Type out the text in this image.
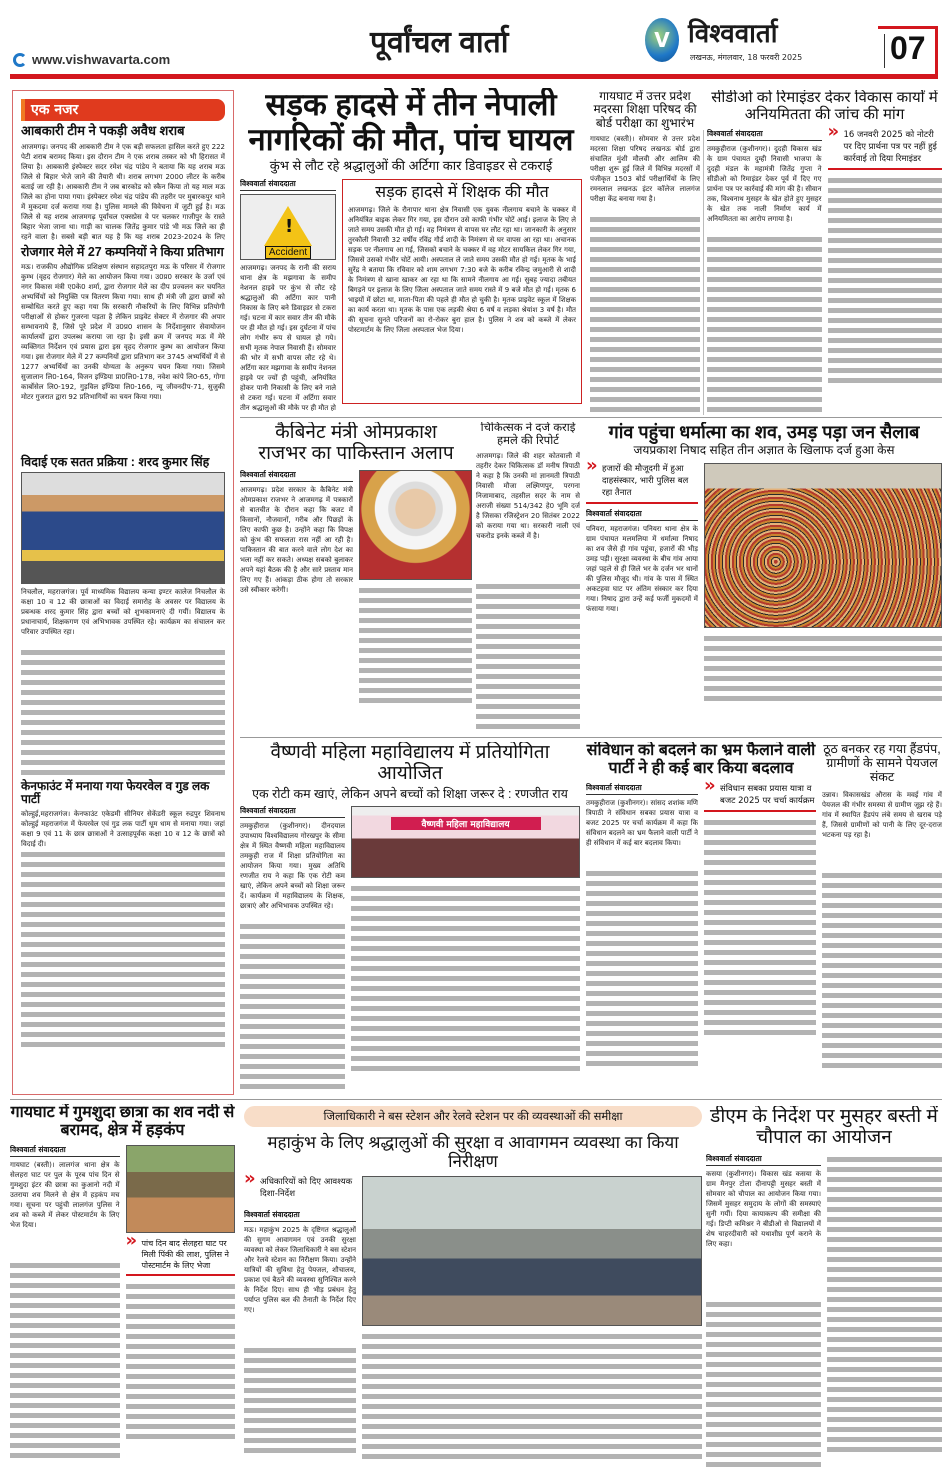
www.vishwavarta.com
पूर्वांचल वार्ता	V विश्ववार्ता
लखनऊ, मंगलवार, 18 फरवरी 2025	07
एक नजर
आबकारी टीम ने पकड़ी अवैध शराब
आजमगढ़। जनपद की आबकारी टीम ने एक बड़ी सफलता हासिल करते हुए 222 पेटी शराब बरामद किया। इस दौरान टीम ने एक शराब तस्कर को भी हिरासत में लिया है। आबकारी इंस्पेक्टर सदर रमेश चंद्र पांडेय ने बताया कि यह शराब मऊ जिले से बिहार भेजे जाने की तैयारी थी। शराब लगभग 2000 लीटर के करीब बताई जा रही है। आबकारी टीम ने जब बारकोड को स्कैन किया तो यह माल मऊ जिले का होना पाया गया। इंस्पेक्टर रमेश चंद्र पांडेय की तहरीर पर मुबारकपुर थाने में मुकदमा दर्ज कराया गया है। पुलिस मामले की विवेचना में जुटी हुई है। मऊ जिले से यह शराब आजमगढ़ पूर्वांचल एक्सप्रेस वे पर चलकर गाजीपुर के रास्ते बिहार भेजा जाना था। गाड़ी का चालक जितेंद्र कुमार पांडे भी मऊ जिले का ही रहने वाला है। सबसे बड़ी बात यह है कि यह शराब 2023-2024 के लिए
रोजगार मेले में 27 कम्पनियों ने किया प्रतिभाग
मऊ। राजकीय औद्योगिक प्रशिक्षण संस्थान सहादतपुरा मऊ के परिसर में रोजगार कुम्भ (वृहद रोजगार) मेले का आयोजन किया गया। उ0प्र0 सरकार के उर्जा एवं नगर विकास मंत्री ए0के0 शर्मा, द्वारा रोजगार मेले का दीप प्रज्वलन कर चयनित अभ्यर्थियों को नियुक्ति पत्र वितरण किया गया। साथ ही मंत्री जी द्वारा छात्रों को सम्बोधित करते हुए कहा गया कि सरकारी नौकरियों के लिए विभिन्न प्रतियोगी परीक्षाओं से होकर गुजरना पड़ता है लेकिन प्राइवेट सेक्टर में रोजगार की अपार सम्भावनाये हैं, जिसे पूरे प्रदेश में उ0प्र0 शासन के निर्देशानुसार सेवायोजन कार्यालयों द्वारा उपलब्ध कराया जा रहा है। इसी क्रम में जनपद मऊ में मेरे व्यक्तिगत निर्देशन एवं प्रयास द्वारा इस वृहद रोजगार कुम्भ का आयोजन किया गया। इस रोजगार मेले में 27 कम्पनियों द्वारा प्रतिभाग कर 3745 अभ्यर्थियों में से 1277 अभ्यर्थियों का उनकी योग्यता के अनुरूप चयन किया गया। जिसमे सुजालान लि0-164, विजन इण्डिया प्रा0लि0-178, नवेश कांपे लि0-65, गोगा कार्बोसेल लि0-192, गुड़विल इण्डिया लि0-166, न्यू जीवनदीप-71, सुजुकी मोटर गुजरात द्वारा 92 प्रतिभागियों का चयन किया गया।
विदाई एक सतत प्रक्रिया : शरद कुमार सिंह
निचलौल, महराजगंज। पूर्व माध्यमिक विद्यालय कन्या इण्टर कालेज निचलौल के कक्षा 10 व 12 की छात्राओं का विदाई समारोह के अवसर पर विद्यालय के प्रबन्धक शरद कुमार सिंह द्वारा बच्चों को शुभकामनाएं दी गयीं। विद्यालय के प्रधानाचार्य, शिक्षकगण एवं अभिभावक उपस्थित रहे। कार्यक्रम का संचालन कर परिवार उपस्थित रहा।
केनफाउंट में मनाया गया फेयरवेल व गुड लक पार्टी
कोल्हुई,महराजगंज। केनफाउंट एकेडमी सीनियर सेकेंडरी स्कूल रुद्रपुर शिवनाथ कोल्हुई महराजगंज में फेयरवेल एवं गुड लक पार्टी धूम धाम से मनाया गया। जहां कक्षा 9 एवं 11 के छात्र छात्राओं ने उत्साहपूर्वक कक्षा 10 व 12 के छात्रों को विदाई दी।
सड़क हादसे में तीन नेपाली
नागरिकों की मौत, पांच घायल
कुंभ से लौट रहे श्रद्धालुओं की अर्टिगा कार डिवाइडर से टकराई
विश्ववार्ता संवाददाता
!
Accident
आजमगढ़। जनपद के रानी की सराय थाना क्षेत्र के मझगावा के समीप नेशनल हाइवे पर कुंभ से लौट रहे श्रद्धालुओं की अर्टिगा कार पानी निकास के लिए बने डिवाइडर से टकरा गई। घटना में कार सवार तीन की मौके पर ही मौत हो गई। इस दुर्घटना में पांच लोग गंभीर रूप से घायल हो गये। सभी मृतक नेपाल निवासी हैं। सोमवार की भोर में सभी वापस लौट रहे थे। अर्टिगा कार मझगावा के समीप नेशनल हाइवे पर ज्यों ही पहुंची, अनियंत्रित होकर पानी निकासी के लिए बने नाले से टकरा गई। घटना में अर्टिगा सवार तीन श्रद्धालुओं की मौके पर ही मौत हो
सड़क हादसे में शिक्षक की मौत
आजमगढ़। जिले के रौनापार थाना क्षेत्र निवासी एक युवक नीलगाय बचाने के चक्कर में अनियंत्रित बाइक लेकर गिर गया, इस दौरान उसे काफी गंभीर चोटें आई। इलाज के लिए ले जाते समय उसकी मौत हो गई। वह निमंत्रण से वापस घर लौट रहा था। जानकारी के अनुसार तुरकौली निवासी 32 वर्षीय रविंद्र गौर्ड शादी के निमंत्रण से घर वापस आ रहा था। अचानक सड़क पर नीलगाय आ गई, जिसको बचाने के चक्कर में वह मोटर सायकिल लेकर गिर गया, जिससे उसको गंभीर चोटें आयी। अस्पताल ले जाते समय उसकी मौत हो गई। मृतक के भाई सुरेंद्र ने बताया कि रविवार को शाम लगभग 7:30 बजे के करीब रविन्द्र जमुआरी से शादी के निमंत्रण से खाना खाकर आ रहा था कि सामने नीलगाय आ गई। सुबह ज्यादा तबीयत बिगड़ने पर इलाज के लिए जिला अस्पताल जाते समय रास्ते में 9 बजे मौत हो गई। मृतक 6 भाइयों में छोटा था, माता-पिता की पहले ही मौत हो चुकी है। मृतक प्राइवेट स्कूल में शिक्षक का कार्य करता था। मृतक के पास एक लड़की श्रेया 6 वर्ष व लड़का श्रेयांश 3 वर्ष है। मौत की सूचना सुनते परिजनों का रो-रोकर बुरा हाल है। पुलिस ने शव को कब्जे में लेकर पोस्टमार्टम के लिए जिला अस्पताल भेज दिया।
गायघाट में उत्तर प्रदेश मदरसा शिक्षा परिषद की बोर्ड परीक्षा का शुभारंभ
गायघाट (बस्ती)। सोमवार से उत्तर प्रदेश मदरसा शिक्षा परिषद लखनऊ बोर्ड द्वारा संचालित मुंशी मौलवी और आलिम की परीक्षा शुरू हुई जिले में विभिन्न मदरसों में पंजीकृत 1503 बोर्ड परीक्षार्थियों के लिए रमनलाल लखनऊ इंटर कॉलेज लालगंज परीक्षा केंद्र बनाया गया है।
सीडीओ को रिमाइंडर देकर विकास कार्यों में अनियमितता की जांच की मांग
विश्ववार्ता संवाददाता
तमकुहीराज (कुशीनगर)। दुदही विकास खंड के ग्राम पंचायत दुम्ही निवासी भाजपा के दुदही मंडल के महामंत्री जितेंद्र गुप्ता ने सीडीओ को रिमाइंडर देकर पूर्व में दिए गए प्रार्थना पत्र पर कार्रवाई की मांग की है। सीवान तक, विश्वनाथ मुसहर के खेत होते हुए मुसहर के खेत तक नाली निर्माण कार्य में अनियमितता का आरोप लगाया है।
» 16 जनवरी 2025 को नोटरी पर दिए प्रार्थना पत्र पर नहीं हुई कार्रवाई तो दिया रिमाइंडर
कैबिनेट मंत्री ओमप्रकाश
राजभर का पाकिस्तान अलाप
विश्ववार्ता संवाददाता
आजमगढ़। प्रदेश सरकार के कैबिनेट मंत्री ओमप्रकाश राजभर ने आजमगढ़ में पत्रकारों से बातचीत के दौरान कहा कि बजट में किसानों, नौजवानों, गरीब और पिछड़ों के लिए काफी कुछ है। उन्होंने कहा कि विपक्ष को कुंभ की सफलता रास नहीं आ रही है। पाकिस्तान की बात करने वाले लोग देश का भला नहीं कर सकते। अध्यक्ष सबको बुलाकर अपने यहां बैठक की है और सारे प्रस्ताव मान लिए गए हैं। आंकड़ा ठीक होगा तो सरकार उसे स्वीकार करेगी।
चिकित्सक ने दर्ज कराई हमले की रिपोर्ट
आजमगढ़। जिले की शहर कोतवाली में तहरीर देकर चिकित्सक डॉ मनीष त्रिपाठी ने कहा है कि उनकी मां ज्ञानमती त्रिपाठी निवासी मौजा लक्ष्मिणपुर, परगना निजामाबाद, तहसील सदर के नाम से अराजी संख्या 514/342 हे0 भूमि दर्ज है जिसका रजिस्ट्रेशन 20 सितंबर 2022 को कराया गया था। सरकारी नाली एवं चकरोड इनके कब्जे में है।
गांव पहुंचा धर्मात्मा का शव, उमड़ पड़ा जन सैलाब
जयप्रकाश निषाद सहित तीन अज्ञात के खिलाफ दर्ज हुआ केस
» हजारों की मौजूदगी में हुआ दाहसंस्कार, भारी पुलिस बल रहा तैनात
विश्ववार्ता संवाददाता
पनियरा, महराजगंज। पनियरा थाना क्षेत्र के ग्राम पंचायत मलमलिया में धर्मात्मा निषाद का शव जैसे ही गांव पहुंचा, हजारों की भीड़ उमड़ पड़ी। सुरक्षा व्यवस्था के बीच गांव आया जहां पहले से ही जिले भर के दर्जन भर थानों की पुलिस मौजूद थी। गांव के पास में स्थित अकटहवा घाट पर अंतिम संस्कार कर दिया गया। निषाद द्वारा उन्हें कई फर्जी मुकदमों में फंसाया गया।
वैष्णवी महिला महाविद्यालय में प्रतियोगिता आयोजित
एक रोटी कम खाएं, लेकिन अपने बच्चों को शिक्षा जरूर दे : रणजीत राय
विश्ववार्ता संवाददाता
तमकुहीराज (कुशीनगर)। दीनदयाल उपाध्याय विश्वविद्यालय गोरखपुर के सीमा क्षेत्र में स्थित वैष्णवी महिला महाविद्यालय तमकुही राज में शिक्षा प्रतियोगिता का आयोजन किया गया। मुख्य अतिथि रणजीत राय ने कहा कि एक रोटी कम खाएं, लेकिन अपने बच्चों को शिक्षा जरूर दें। कार्यक्रम में महाविद्यालय के शिक्षक, छात्राएं और अभिभावक उपस्थित रहे।
वैष्णवी महिला महाविद्यालय
संविधान को बदलने का भ्रम फैलाने वाली पार्टी ने ही कई बार किया बदलाव
विश्ववार्ता संवाददाता
तमकुहीराज (कुशीनगर)। सांसद शशांक मणि त्रिपाठी ने संविधान सबका प्रयास यात्रा व बजट 2025 पर चर्चा कार्यक्रम में कहा कि संविधान बदलने का भ्रम फैलाने वाली पार्टी ने ही संविधान में कई बार बदलाव किया।
» संविधान सबका प्रयास यात्रा व बजट 2025 पर चर्चा कार्यक्रम
ठूठ बनकर रह गया हैंडपंप, ग्रामीणों के सामने पेयजल संकट
उन्नाव। विकासखंड औरास के मवई गांव में पेयजल की गंभीर समस्या से ग्रामीण जूझ रहे हैं। गांव में स्थापित हैंडपंप लंबे समय से खराब पड़े हैं, जिससे ग्रामीणों को पानी के लिए दूर-दराज भटकना पड़ रहा है।
गायघाट में गुमशुदा छात्रा का शव नदी से बरामद, क्षेत्र में हड़कंप
विश्ववार्ता संवाददाता
गायघाट (बस्ती)। लालगंज थाना क्षेत्र के सेलहरा घाट पर पुल के पूरब पांच दिन से गुमशुदा इंटर की छात्रा का कुआनो नदी में उतराया शव मिलने से क्षेत्र में हड़कंप मच गया। सूचना पर पहुंची लालगंज पुलिस ने शव को कब्जे में लेकर पोस्टमार्टम के लिए भेज दिया।
» पांच दिन बाद सेलहरा घाट पर मिली पिंकी की लाश, पुलिस ने पोस्टमार्टम के लिए भेजा
जिलाधिकारी ने बस स्टेशन और रेलवे स्टेशन पर की व्यवस्थाओं की समीक्षा
महाकुंभ के लिए श्रद्धालुओं की सुरक्षा व आवागमन व्यवस्था का किया निरीक्षण
» अधिकारियों को दिए आवश्यक दिशा-निर्देश
विश्ववार्ता संवाददाता
मऊ। महाकुंभ 2025 के दृष्टिगत श्रद्धालुओं की सुगम आवागमन एवं उनकी सुरक्षा व्यवस्था को लेकर जिलाधिकारी ने बस स्टेशन और रेलवे स्टेशन का निरीक्षण किया। उन्होंने यात्रियों की सुविधा हेतु पेयजल, शौचालय, प्रकाश एवं बैठने की व्यवस्था सुनिश्चित करने के निर्देश दिए। साथ ही भीड़ प्रबंधन हेतु पर्याप्त पुलिस बल की तैनाती के निर्देश दिए गए।
डीएम के निर्देश पर मुसहर बस्ती में चौपाल का आयोजन
विश्ववार्ता संवाददाता
कसया (कुशीनगर)। विकास खंड कसया के ग्राम मैनपुर टोला दीनापट्टी मुसहर बस्ती में सोमवार को चौपाल का आयोजन किया गया। जिसमें मुसहर समुदाय के लोगों की समस्याएं सुनी गयीं। दिया कायाकल्प की समीक्षा की गई। डिप्टी कमिश्नर ने बीडीओ से विद्यालयों में शेष चाहरदीवारी को यथाशीघ्र पूर्ण कराने के लिए कहा।
